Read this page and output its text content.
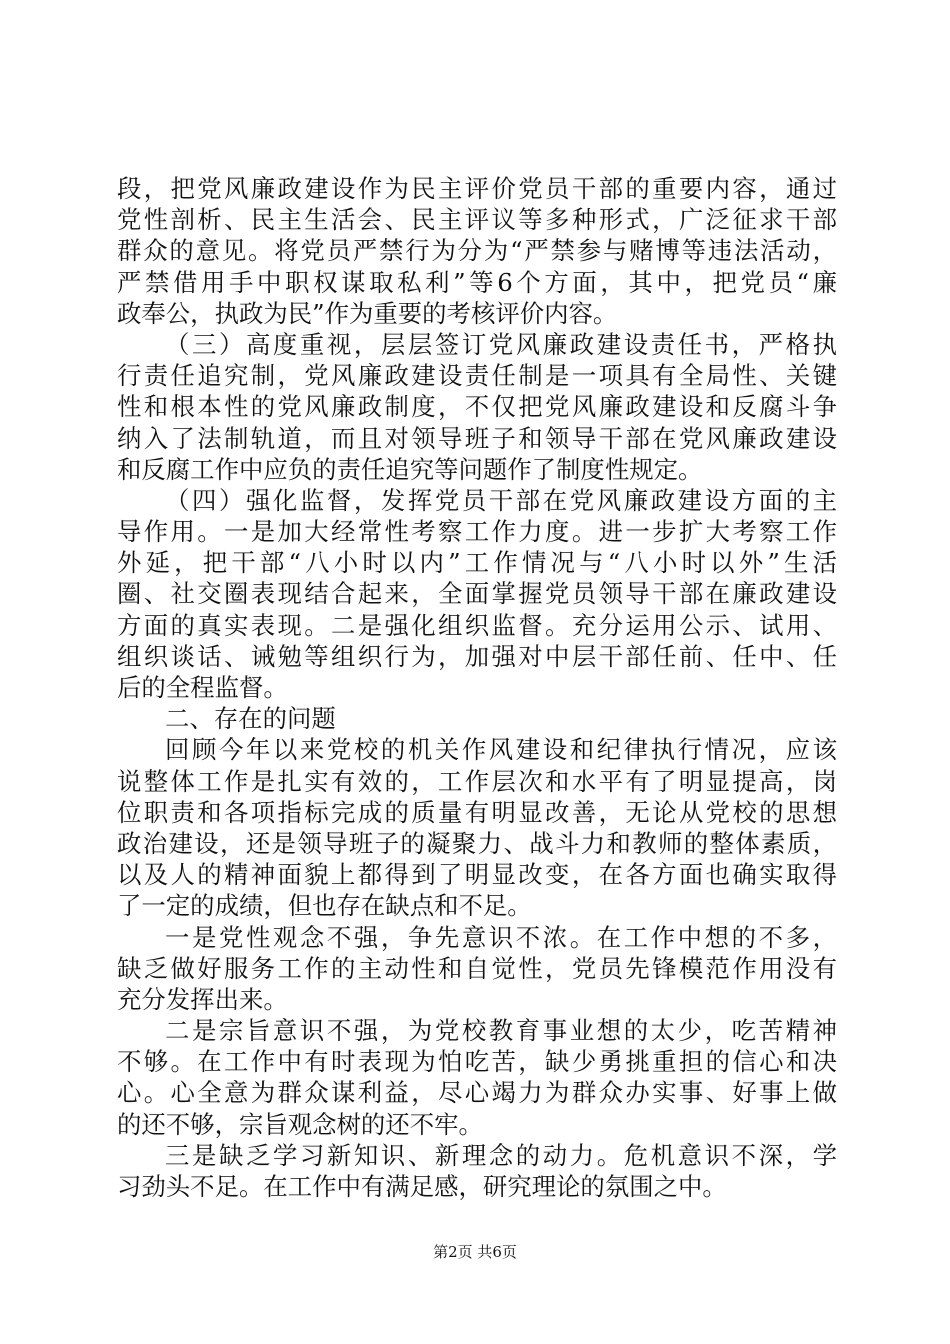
段，把党风廉政建设作为民主评价党员干部的重要内容，通过
党性剖析、民主生活会、民主评议等多种形式，广泛征求干部
群众的意见。将党员严禁行为分为“严禁参与赌博等违法活动，
严禁借用手中职权谋取私利”等6个方面，其中，把党员“廉
政奉公，执政为民”作为重要的考核评价内容。
（三）高度重视，层层签订党风廉政建设责任书，严格执
行责任追究制，党风廉政建设责任制是一项具有全局性、关键
性和根本性的党风廉政制度，不仅把党风廉政建设和反腐斗争
纳入了法制轨道，而且对领导班子和领导干部在党风廉政建设
和反腐工作中应负的责任追究等问题作了制度性规定。
（四）强化监督，发挥党员干部在党风廉政建设方面的主
导作用。一是加大经常性考察工作力度。进一步扩大考察工作
外延，把干部“八小时以内”工作情况与“八小时以外”生活
圈、社交圈表现结合起来，全面掌握党员领导干部在廉政建设
方面的真实表现。二是强化组织监督。充分运用公示、试用、
组织谈话、诫勉等组织行为，加强对中层干部任前、任中、任
后的全程监督。
二、存在的问题
回顾今年以来党校的机关作风建设和纪律执行情况，应该
说整体工作是扎实有效的，工作层次和水平有了明显提高，岗
位职责和各项指标完成的质量有明显改善，无论从党校的思想
政治建设，还是领导班子的凝聚力、战斗力和教师的整体素质，
以及人的精神面貌上都得到了明显改变，在各方面也确实取得
了一定的成绩，但也存在缺点和不足。
一是党性观念不强，争先意识不浓。在工作中想的不多，
缺乏做好服务工作的主动性和自觉性，党员先锋模范作用没有
充分发挥出来。
二是宗旨意识不强，为党校教育事业想的太少，吃苦精神
不够。在工作中有时表现为怕吃苦，缺少勇挑重担的信心和决
心。心全意为群众谋利益，尽心竭力为群众办实事、好事上做
的还不够，宗旨观念树的还不牢。
三是缺乏学习新知识、新理念的动力。危机意识不深，学
习劲头不足。在工作中有满足感，研究理论的氛围之中。
第2页 共6页
